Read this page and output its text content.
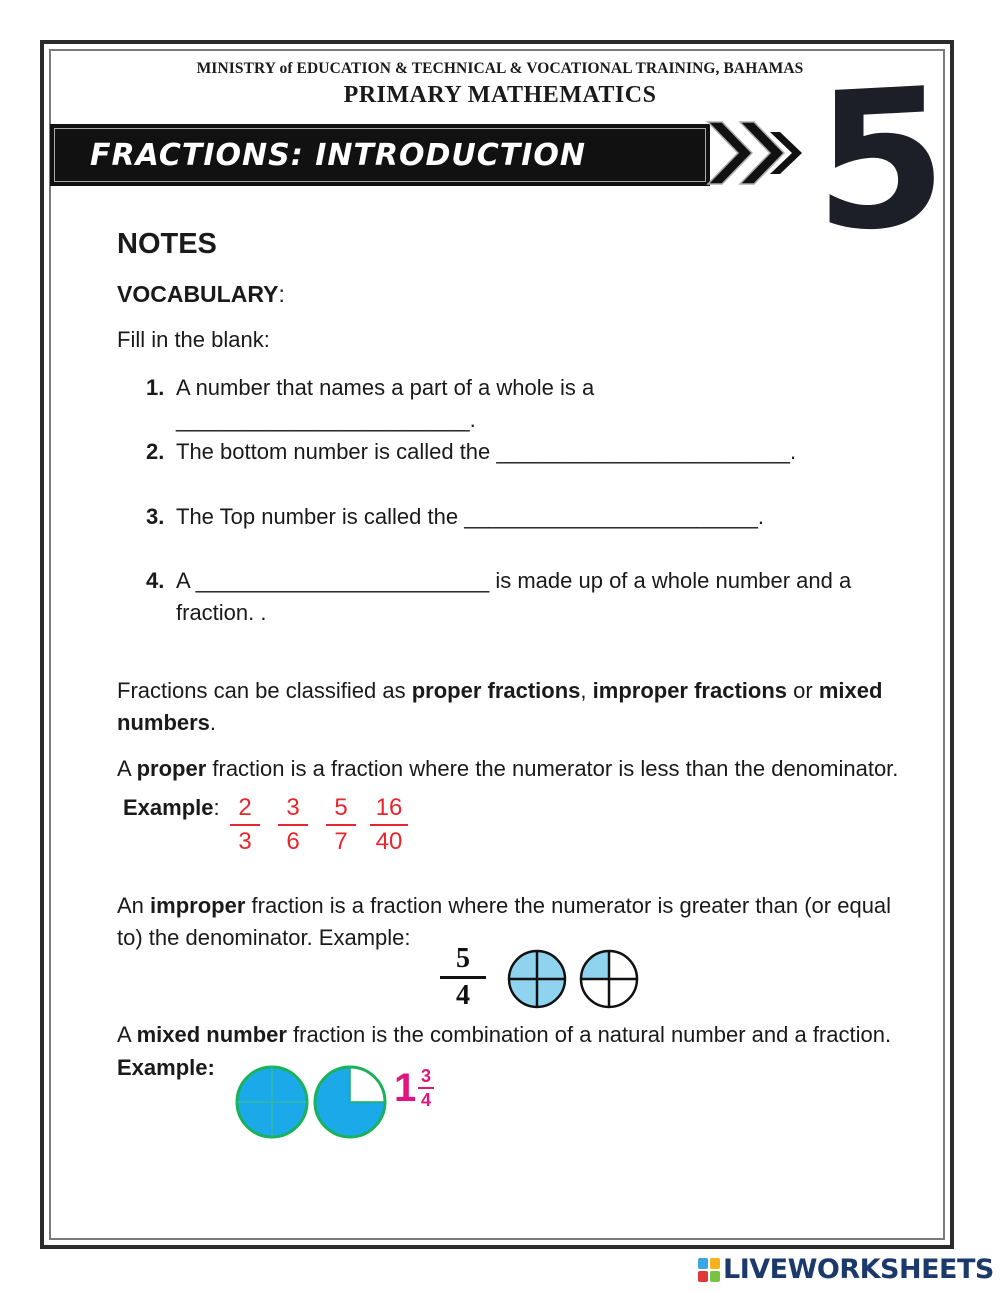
MINISTRY of EDUCATION & TECHNICAL & VOCATIONAL TRAINING, BAHAMAS
PRIMARY MATHEMATICS
FRACTIONS: INTRODUCTION 5
NOTES
VOCABULARY:
Fill in the blank:
1. A number that names a part of a whole is a ________________________.
2. The bottom number is called the ________________________.
3. The Top number is called the ________________________.
4. A ________________________ is made up of a whole number and a
fraction. .
Fractions can be classified as proper fractions, improper fractions or mixed
numbers.
A proper fraction is a fraction where the numerator is less than the denominator.
Example: 2
3
3
6
5
7
16
40
An improper fraction is a fraction where the numerator is greater than (or equal
to) the denominator. Example:
5
4
A mixed number fraction is the combination of a natural number and a fraction.
Example:	1 3
4
LIVEWORKSHEETS
